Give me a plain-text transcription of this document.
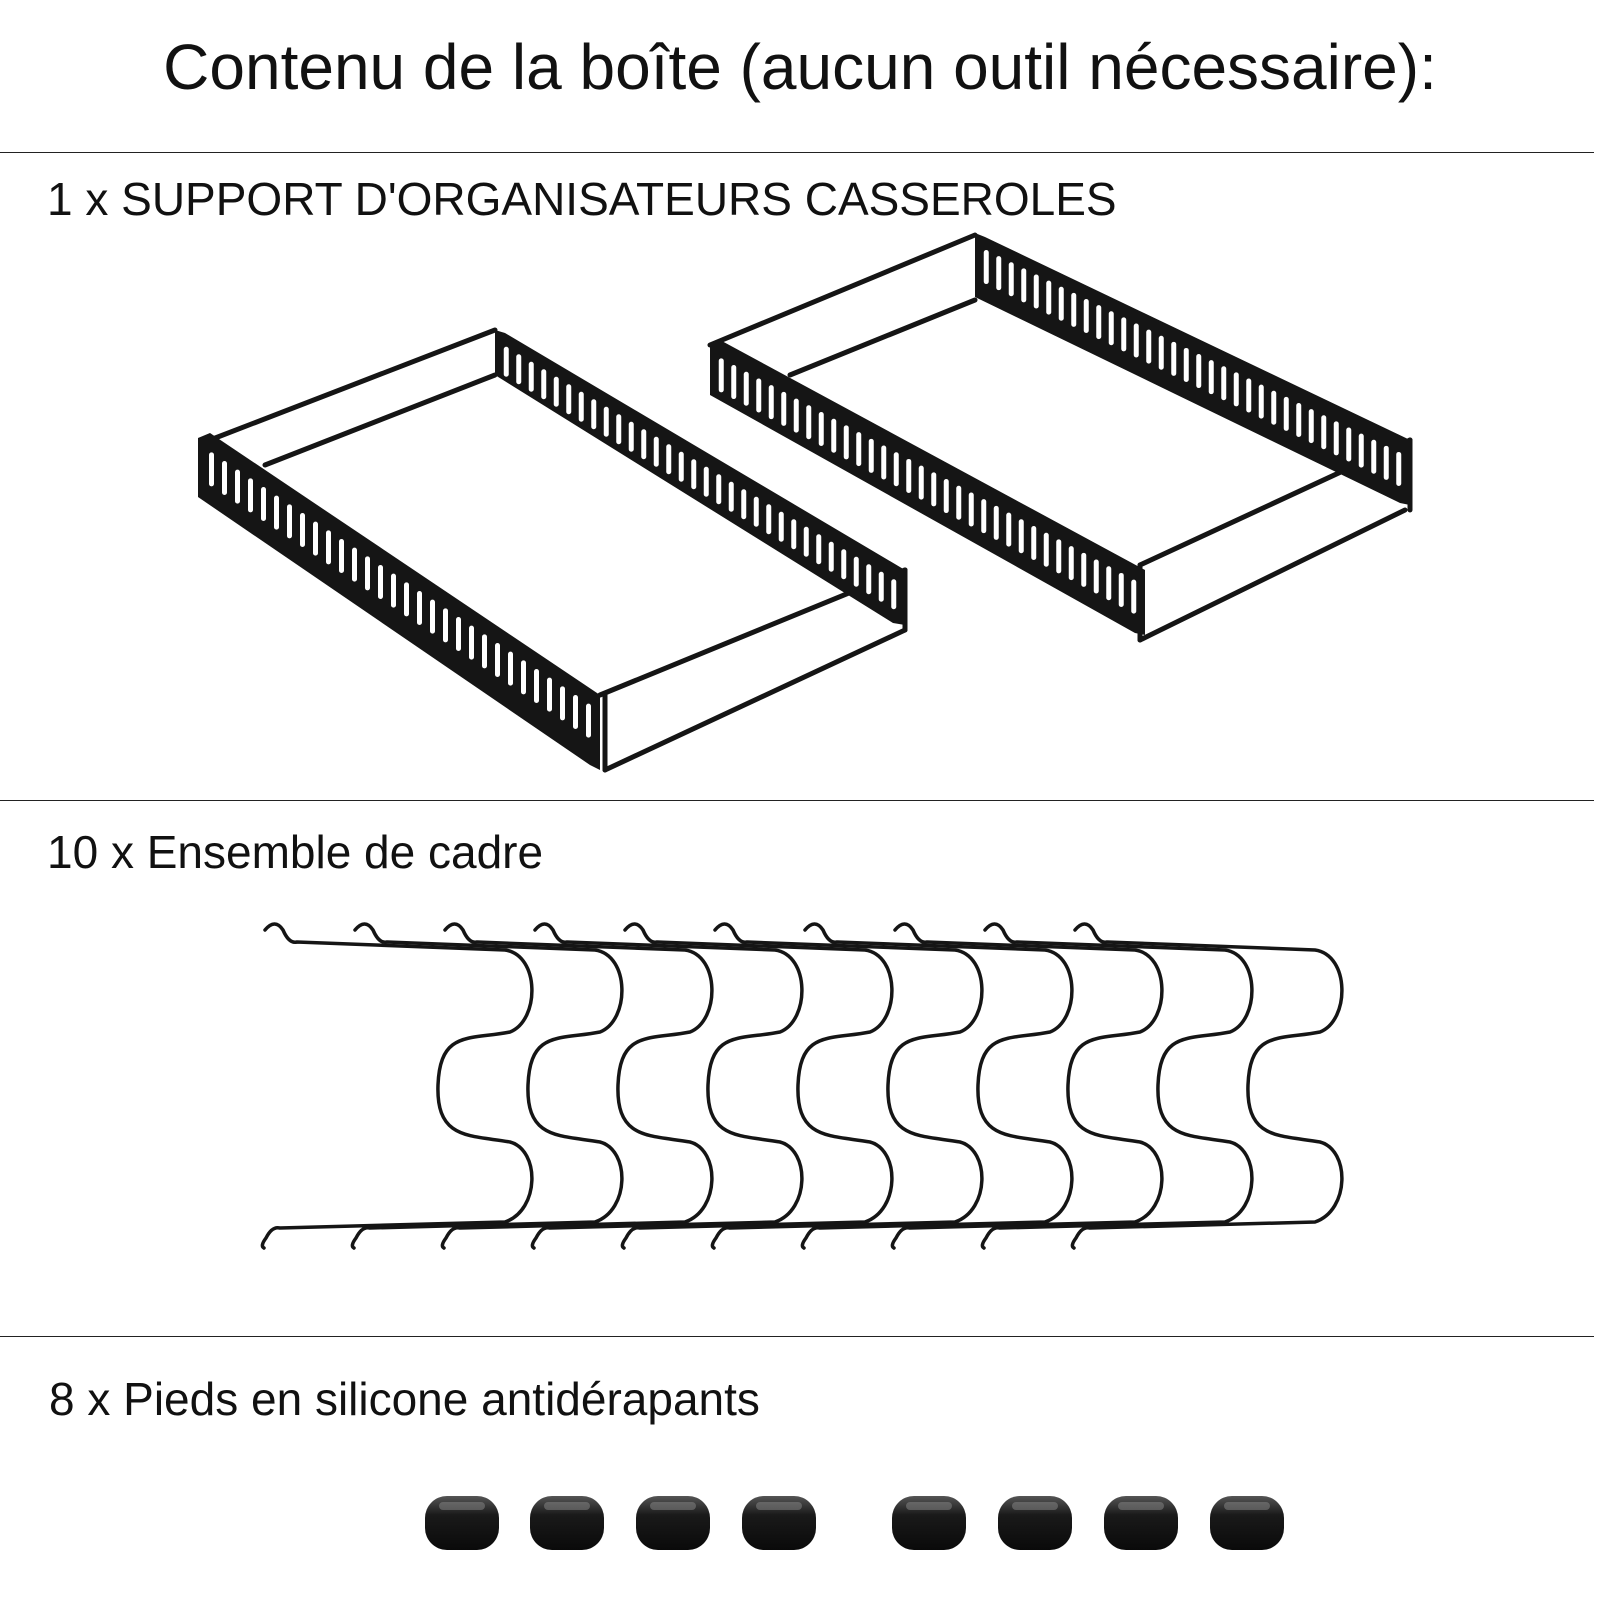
Contenu de la boîte (aucun outil nécessaire):
1 x SUPPORT D'ORGANISATEURS CASSEROLES
10 x Ensemble de cadre
8 x Pieds en silicone antidérapants
